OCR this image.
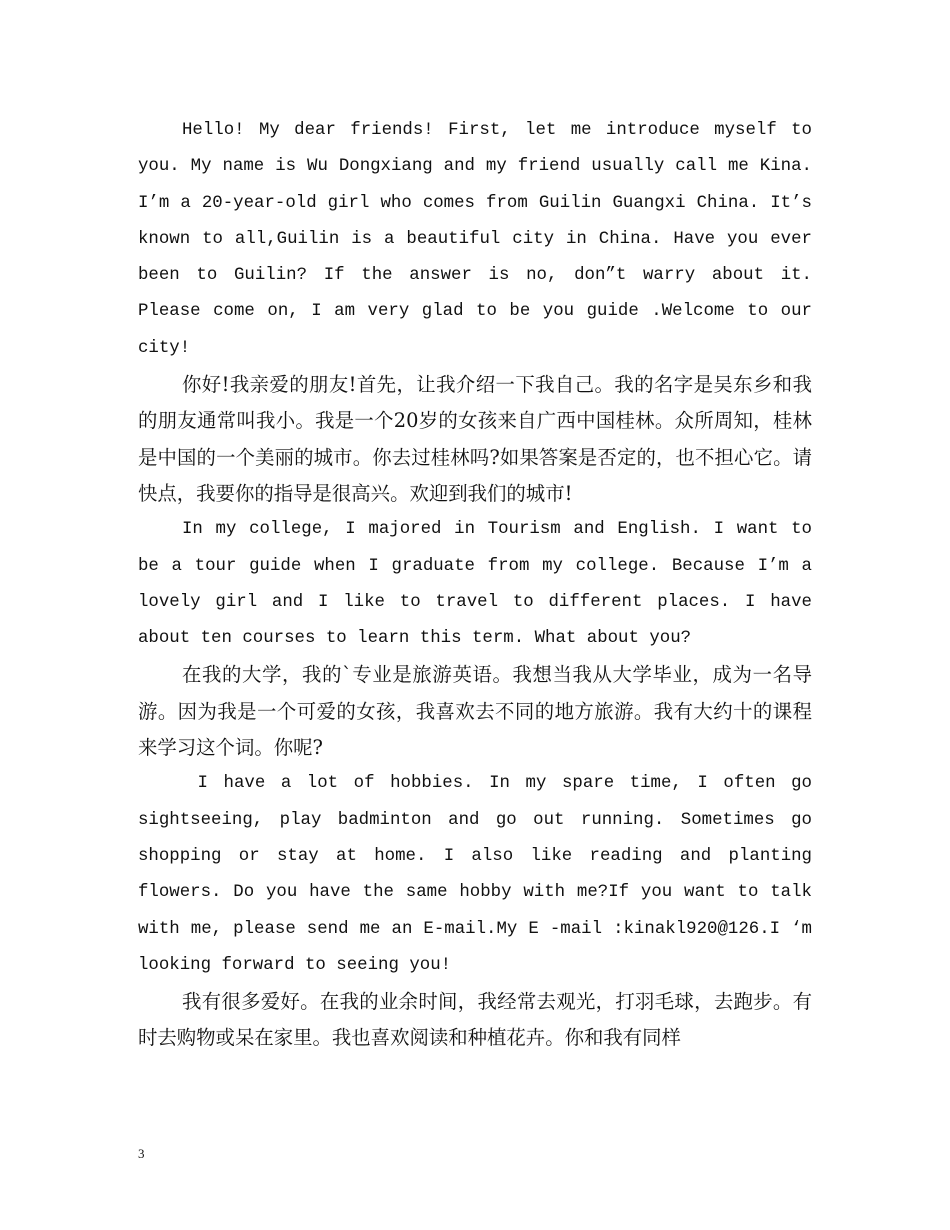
Hello! My dear friends! First, let me introduce myself to you. My name is Wu Dongxiang and my friend usually call me Kina. I’m a 20-year-old girl who comes from Guilin Guangxi China. It’s known to all,Guilin is a beautiful city in China. Have you ever been to Guilin? If the answer is no, don”t warry about it. Please come on, I am very glad to be you guide .Welcome to our city!

你好!我亲爱的朋友!首先，让我介绍一下我自己。我的名字是吴东乡和我的朋友通常叫我小。我是一个20岁的女孩来自广西中国桂林。众所周知，桂林是中国的一个美丽的城市。你去过桂林吗?如果答案是否定的，也不担心它。请快点，我要你的指导是很高兴。欢迎到我们的城市!

In my college, I majored in Tourism and English. I want to be a tour guide when I graduate from my college. Because I’m a lovely girl and I like to travel to different places. I have about ten courses to learn this term. What about you?

在我的大学，我的`专业是旅游英语。我想当我从大学毕业，成为一名导游。因为我是一个可爱的女孩，我喜欢去不同的地方旅游。我有大约十的课程来学习这个词。你呢?

I have a lot of hobbies. In my spare time, I often go sightseeing, play badminton and go out running. Sometimes go shopping or stay at home. I also like reading and planting flowers. Do you have the same hobby with me?If you want to talk with me, please send me an E-mail.My E -mail :kinakl920@126.I ‘m looking forward to seeing you!

我有很多爱好。在我的业余时间，我经常去观光，打羽毛球，去跑步。有时去购物或呆在家里。我也喜欢阅读和种植花卉。你和我有同样

3
